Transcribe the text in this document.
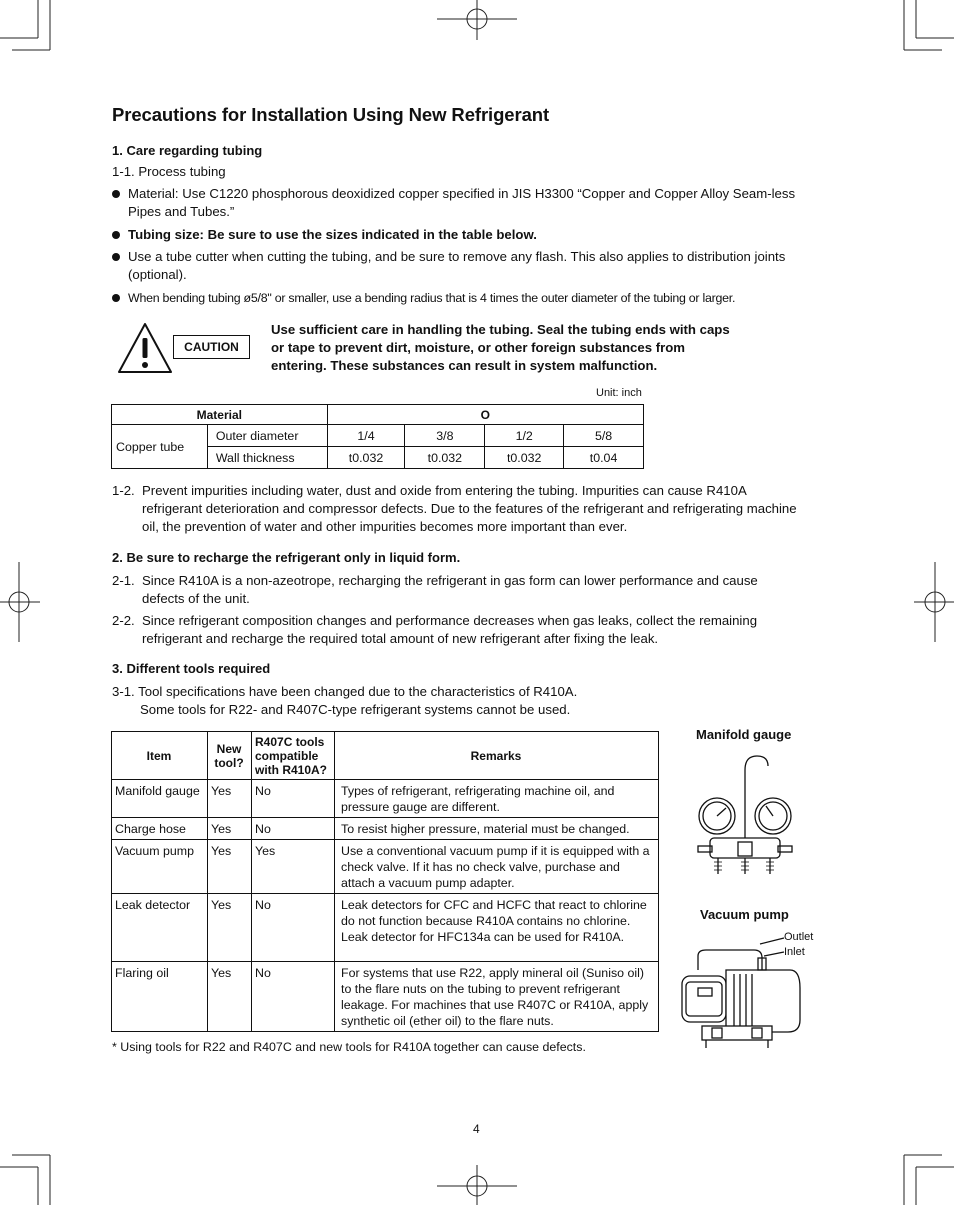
Precautions for Installation Using New Refrigerant
1. Care regarding tubing
1-1. Process tubing
Material: Use C1220 phosphorous deoxidized copper specified in JIS H3300 “Copper and Copper Alloy Seam-less Pipes and Tubes.”
Tubing size: Be sure to use the sizes indicated in the table below.
Use a tube cutter when cutting the tubing, and be sure to remove any flash. This also applies to distribution joints (optional).
When bending tubing ø5/8" or smaller, use a bending radius that is 4 times the outer diameter of the tubing or larger.
CAUTION
Use sufficient care in handling the tubing. Seal the tubing ends with caps or tape to prevent dirt, moisture, or other foreign substances from entering. These substances can result in system malfunction.
Unit: inch
Material		O			
Copper tube	Outer diameter	1/4	3/8	1/2	5/8
	Wall thickness	t0.032	t0.032	t0.032	t0.04
1-2. Prevent impurities including water, dust and oxide from entering the tubing. Impurities can cause R410A refrigerant deterioration and compressor defects. Due to the features of the refrigerant and refrigerating machine oil, the prevention of water and other impurities becomes more important than ever.
2. Be sure to recharge the refrigerant only in liquid form.
2-1. Since R410A is a non-azeotrope, recharging the refrigerant in gas form can lower performance and cause defects of the unit.
2-2. Since refrigerant composition changes and performance decreases when gas leaks, collect the remaining refrigerant and recharge the required total amount of new refrigerant after fixing the leak.
3. Different tools required
3-1. Tool specifications have been changed due to the characteristics of R410A.
Some tools for R22- and R407C-type refrigerant systems cannot be used.
Item	New tool?	R407C tools compatible with R410A?	Remarks
Manifold gauge	Yes	No	Types of refrigerant, refrigerating machine oil, and pressure gauge are different.
Charge hose	Yes	No	To resist higher pressure, material must be changed.
Vacuum pump	Yes	Yes	Use a conventional vacuum pump if it is equipped with a check valve. If it has no check valve, purchase and attach a vacuum pump adapter.
Leak detector	Yes	No	Leak detectors for CFC and HCFC that react to chlorine do not function because R410A contains no chlorine. Leak detector for HFC134a can be used for R410A.
Flaring oil	Yes	No	For systems that use R22, apply mineral oil (Suniso oil) to the flare nuts on the tubing to prevent refrigerant leakage. For machines that use R407C or R410A, apply synthetic oil (ether oil) to the flare nuts.
* Using tools for R22 and R407C and new tools for R410A together can cause defects.
Manifold gauge
Vacuum pump
Outlet
Inlet
4
